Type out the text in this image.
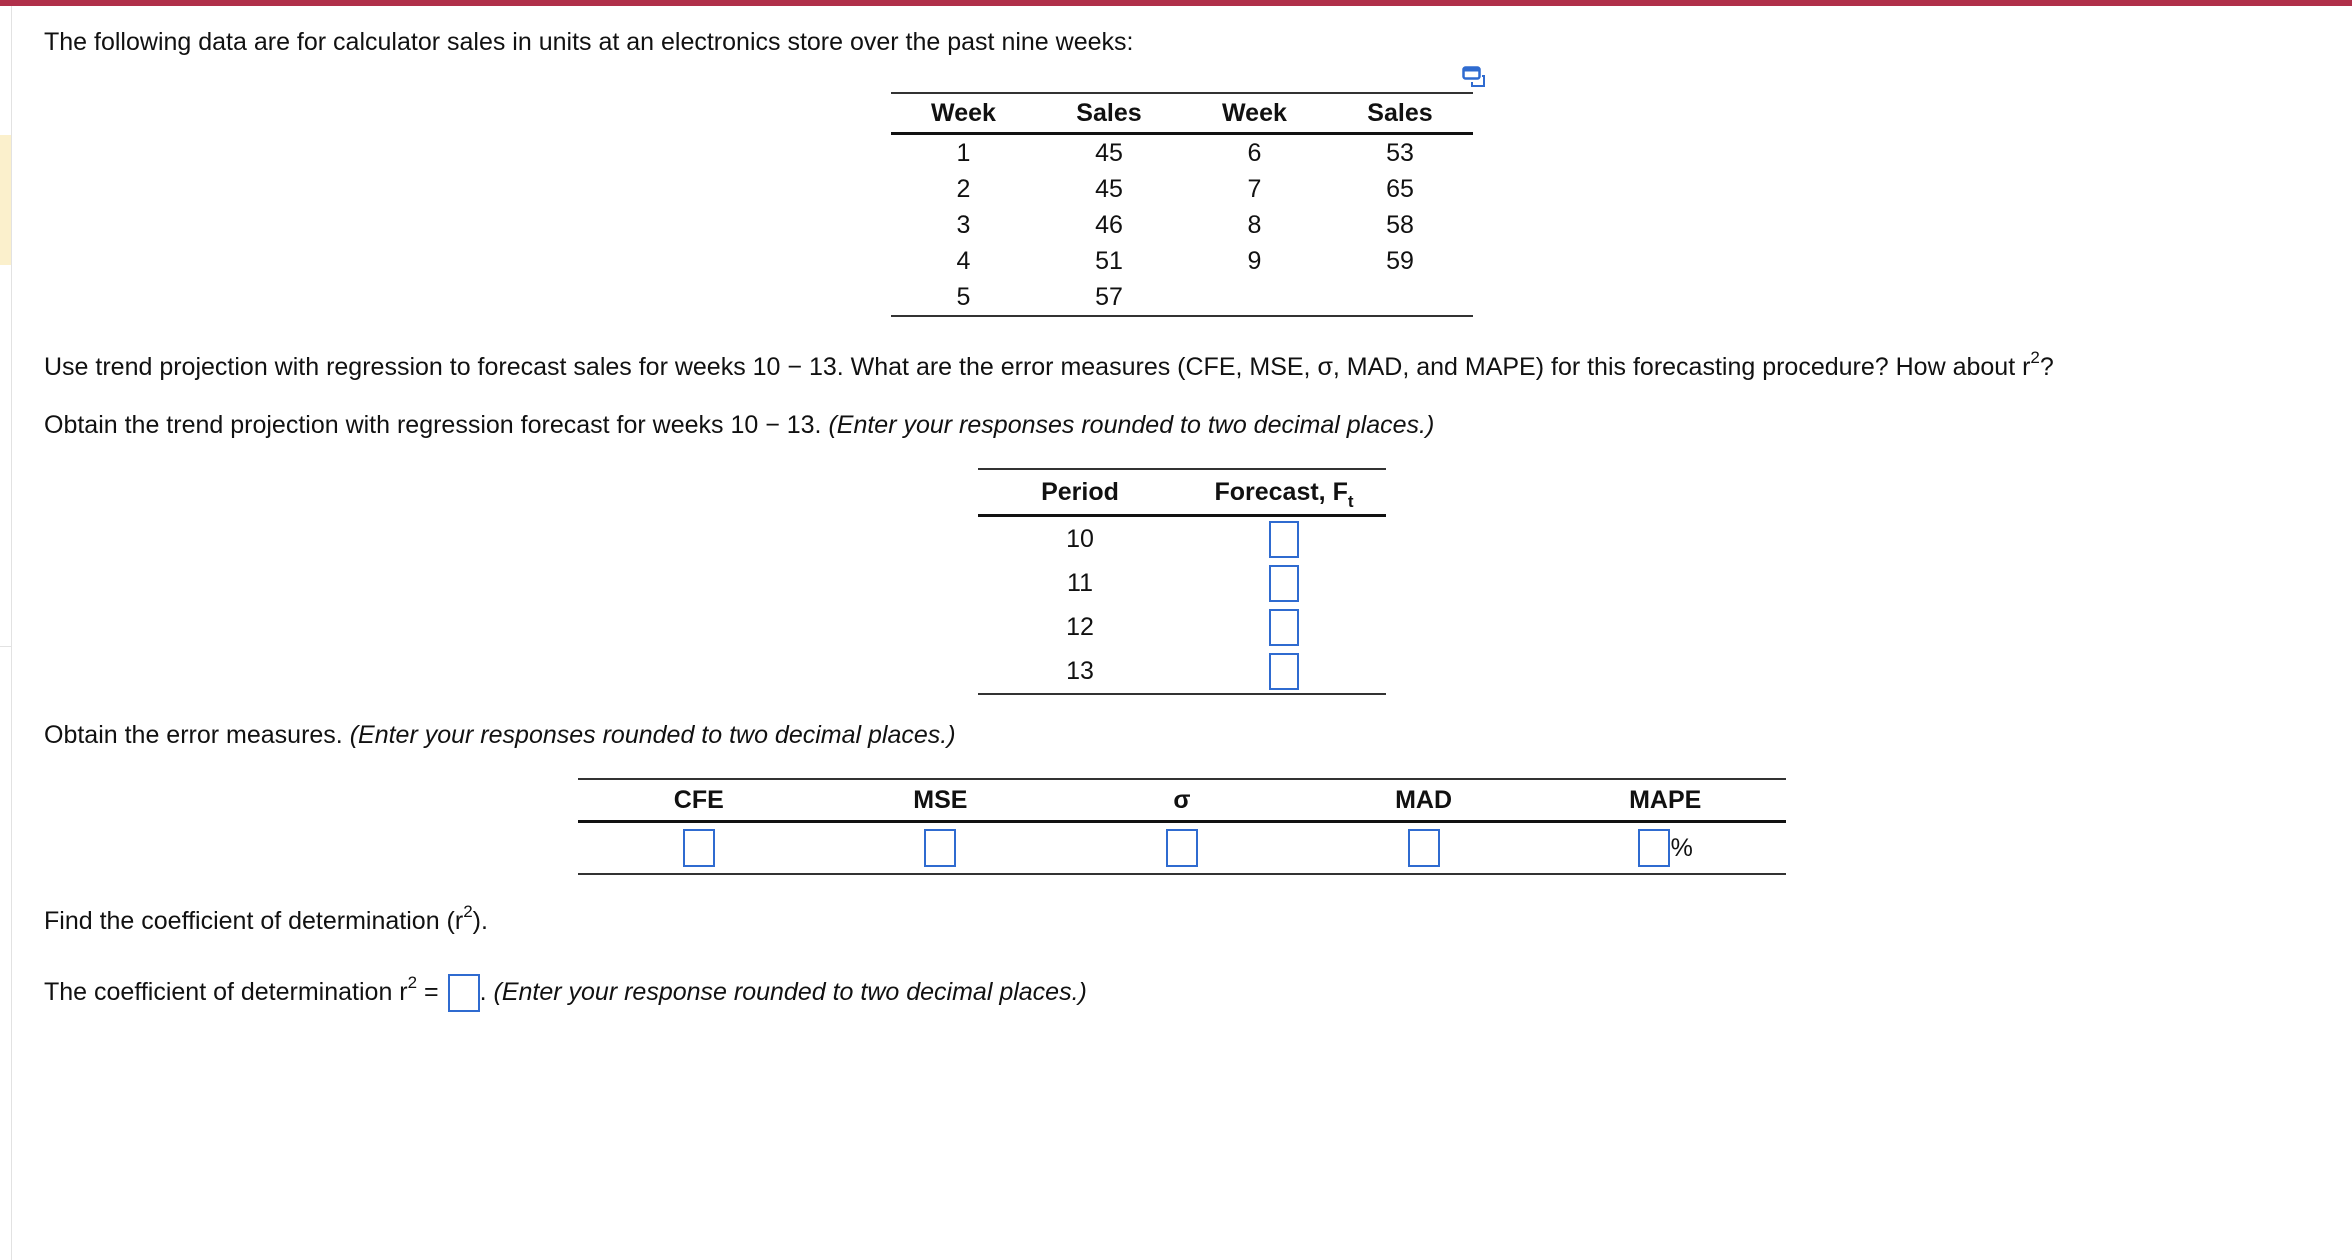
The following data are for calculator sales in units at an electronics store over the past nine weeks:
Week	Sales	Week	Sales
1	45	6	53
2	45	7	65
3	46	8	58
4	51	9	59
5	57		
Use trend projection with regression to forecast sales for weeks 10 − 13. What are the error measures (CFE, MSE, σ, MAD, and MAPE) for this forecasting procedure? How about $r^2$?
Obtain the trend projection with regression forecast for weeks 10 − 13. (Enter your responses rounded to two decimal places.)
Period	Forecast, $F_t$
10	
11	
12	
13	
Obtain the error measures. (Enter your responses rounded to two decimal places.)
CFE	MSE	σ	MAD	MAPE
				%
Find the coefficient of determination $(r^2)$.
The coefficient of determination $r^2$ = . (Enter your response rounded to two decimal places.)
